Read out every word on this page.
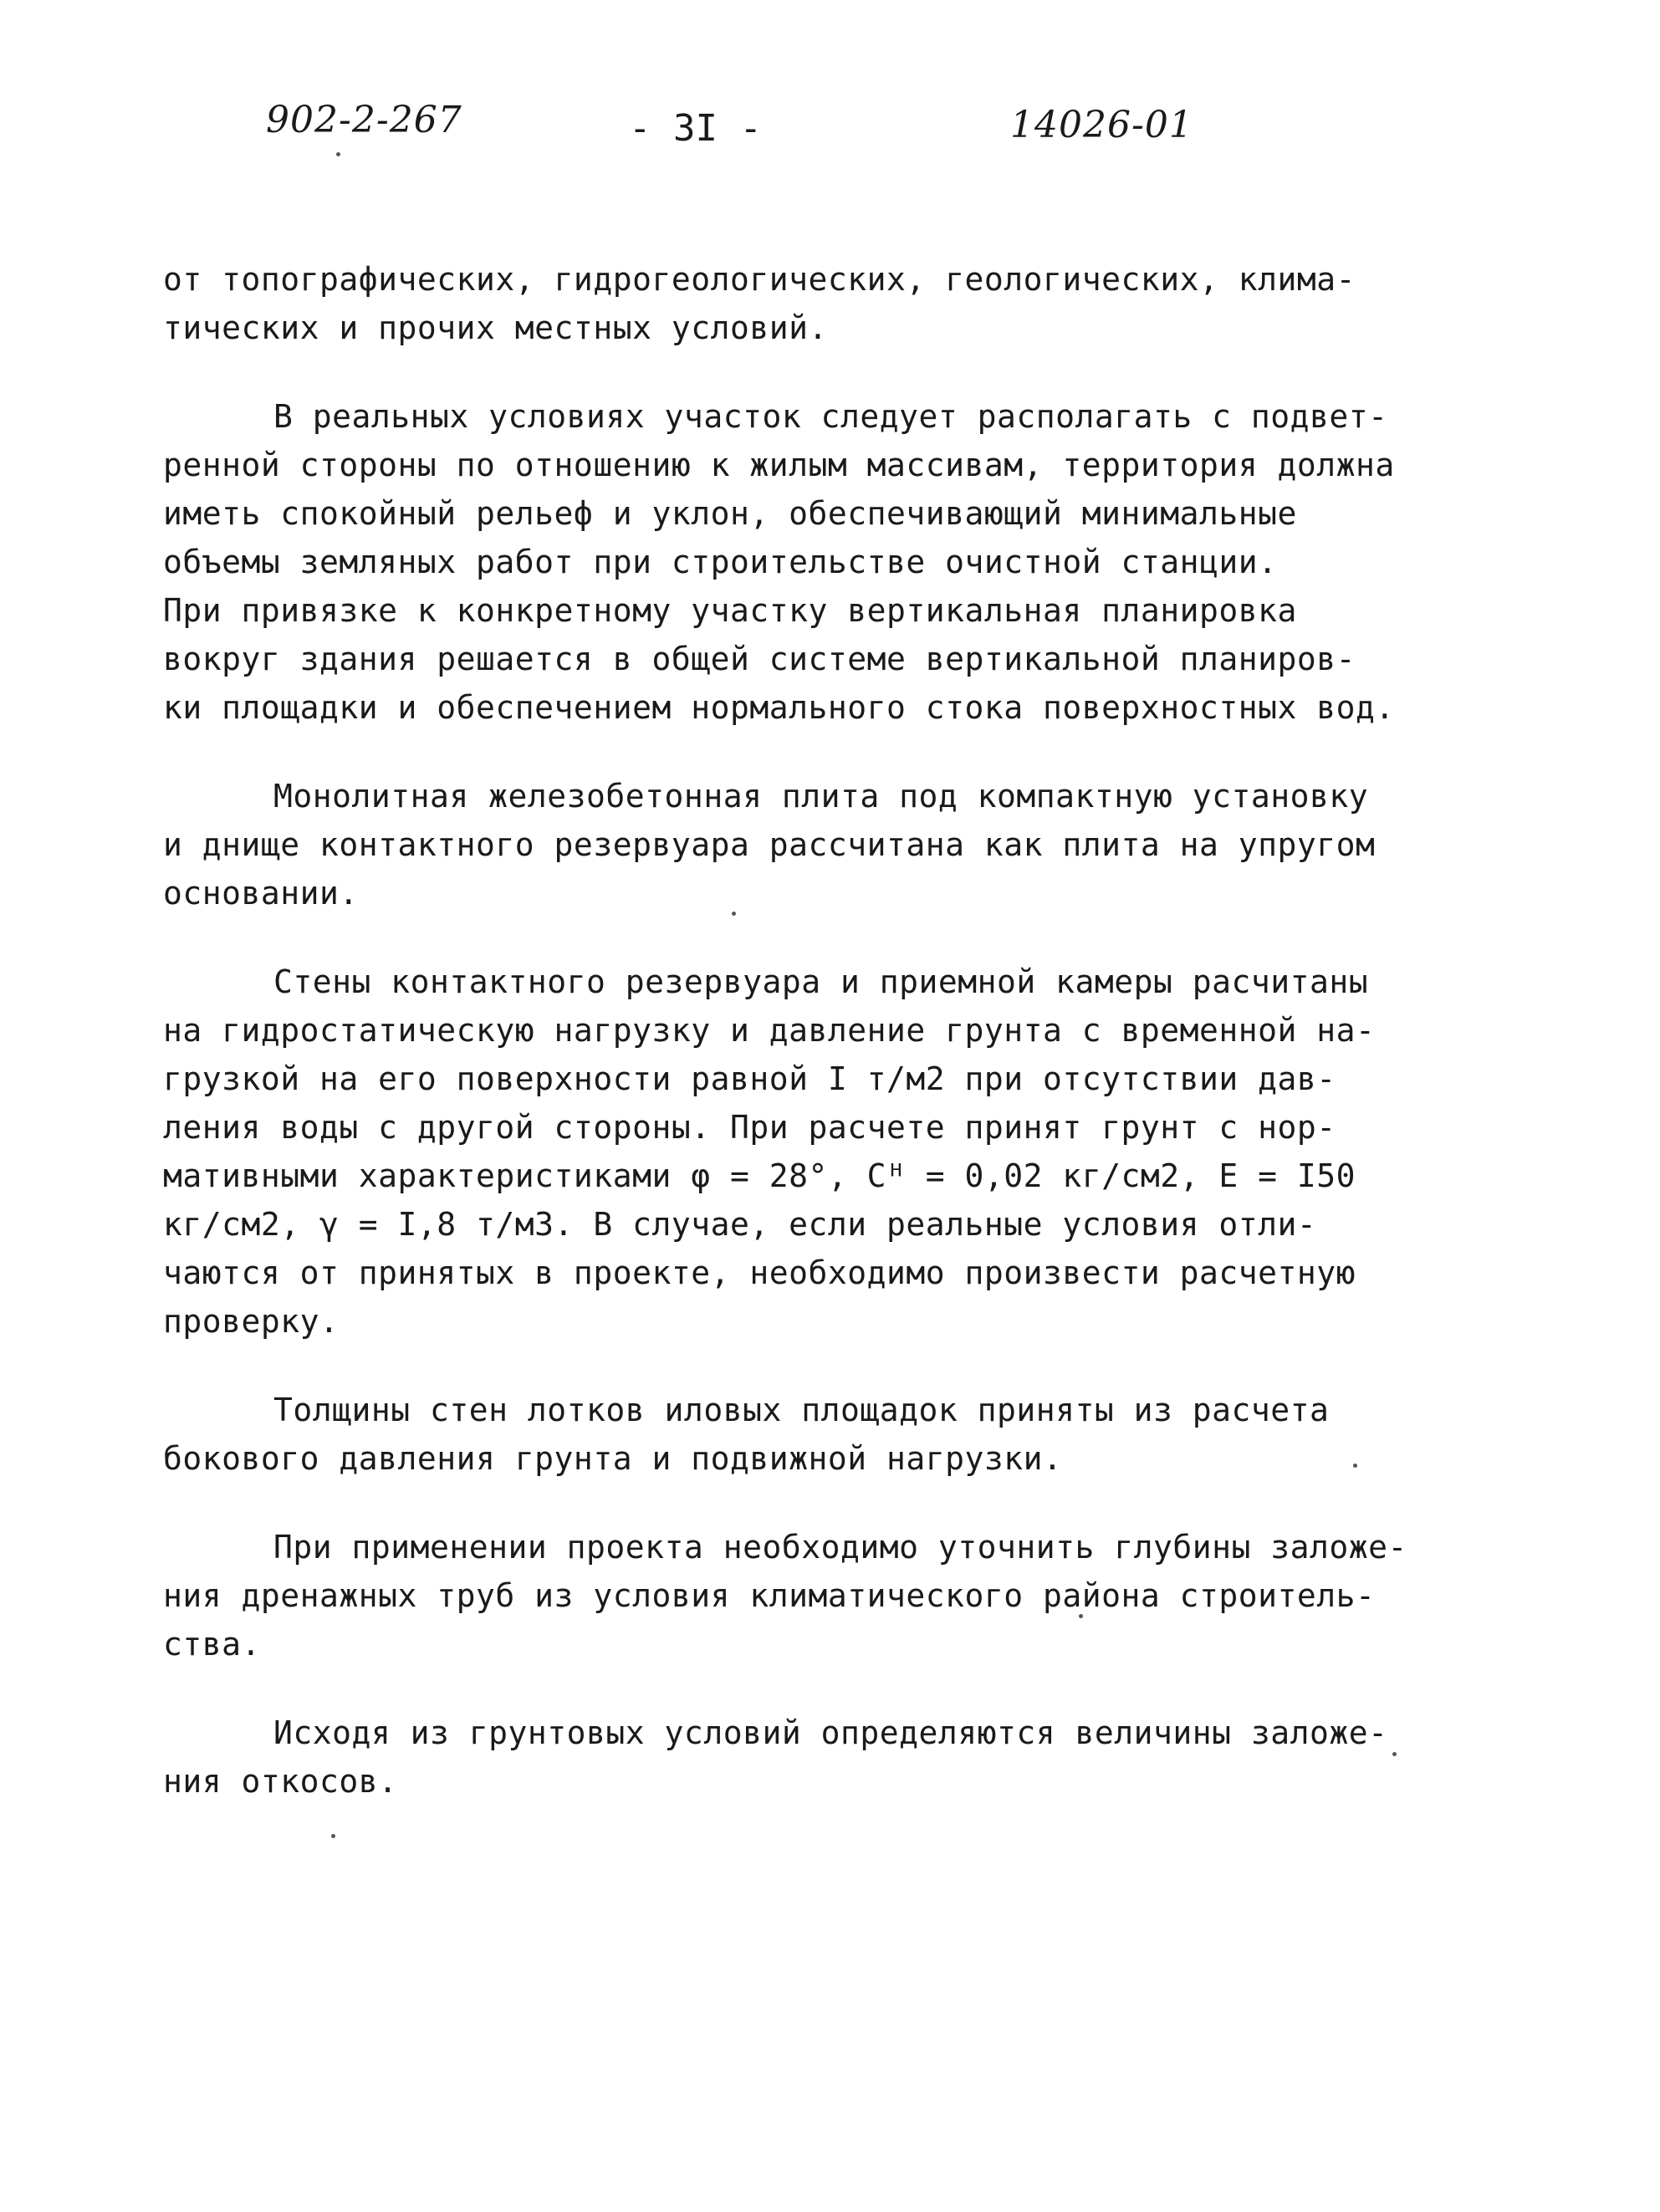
902-2-267	- 3I -	14026-01
от топографических, гидрогеологических, геологических, клима-
тических и прочих местных условий.
В реальных условиях участок следует располагать с подвет-
ренной стороны по отношению к жилым массивам, территория должна
иметь спокойный рельеф и уклон, обеспечивающий минимальные
объемы земляных работ при строительстве очистной станции.
При привязке к конкретному участку вертикальная планировка
вокруг здания решается в общей системе вертикальной планиров-
ки площадки и обеспечением нормального стока поверхностных вод.
Монолитная железобетонная плита под компактную установку
и днище контактного резервуара рассчитана как плита на упругом
основании.
Стены контактного резервуара и приемной камеры расчитаны
на гидростатическую нагрузку и давление грунта с временной на-
грузкой на его поверхности равной I т/м2 при отсутствии дав-
ления воды с другой стороны. При расчете принят грунт с нор-
мативными характеристиками φ = 28°, Cᴴ = 0,02 кг/см2, E = I50
кг/см2, γ = I,8 т/м3. В случае, если реальные условия отли-
чаются от принятых в проекте, необходимо произвести расчетную
проверку.
Толщины стен лотков иловых площадок приняты из расчета
бокового давления грунта и подвижной нагрузки.
При применении проекта необходимо уточнить глубины заложе-
ния дренажных труб из условия климатического района строитель-
ства.
Исходя из грунтовых условий определяются величины заложе-
ния откосов.
